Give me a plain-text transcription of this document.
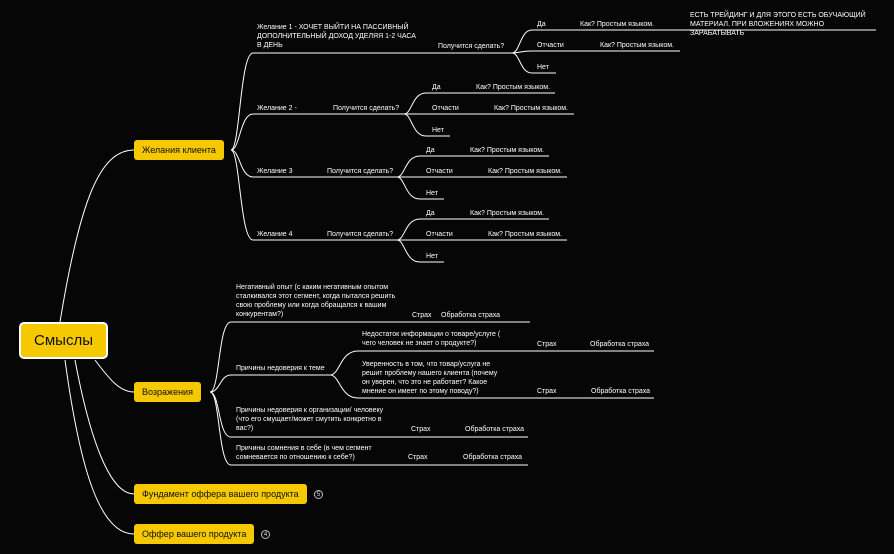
Смыслы
Желания клиента
Возражения
Фундамент оффера вашего продукта	5
Оффер вашего продукта	4
Желание 1 - ХОЧЕТ ВЫЙТИ НА ПАССИВНЫЙ ДОПОЛНИТЕЛЬНЫЙ ДОХОД УДЕЛЯЯ 1-2 ЧАСА В ДЕНЬ	Получится сделать?
Да	Как? Простым языком.
ЕСТЬ ТРЕЙДИНГ И ДЛЯ ЭТОГО ЕСТЬ ОБУЧАЮЩИЙ МАТЕРИАЛ. ПРИ ВЛОЖЕНИЯХ МОЖНО ЗАРАБАТЫВАТЬ
Отчасти	Как? Простым языком.
Нет
Желание 2 -	Получится сделать?
Да	Как? Простым языком.
Отчасти	Как? Простым языком.
Нет
Желание 3	Получится сделать?
Да	Как? Простым языком.
Отчасти	Как? Простым языком.
Нет
Желание 4	Получится сделать?
Да	Как? Простым языком.
Отчасти	Как? Простым языком.
Нет
Негативный опыт (с каким негативным опытом сталкивался этот сегмент, когда пытался решить свою проблему или когда обращался к вашим конкурентам?)	Страх Обработка страха
Причины недоверия к теме
Недостаток информации о товаре/услуге ( чего человек не знает о продукте?)	Страх	Обработка страха
Уверенность в том, что товар/услуга не решит проблему нашего клиента (почему он уверен, что это не работает? Какое мнение он имеет по этому поводу?)	Страх	Обработка страха
Причины недоверия к организации/ человеку (что его смущает/может смутить конкретно в вас?)	Страх	Обработка страха
Причины сомнения в себе (в чем сегмент сомневается по отношению к себе?)	Страх	Обработка страха
